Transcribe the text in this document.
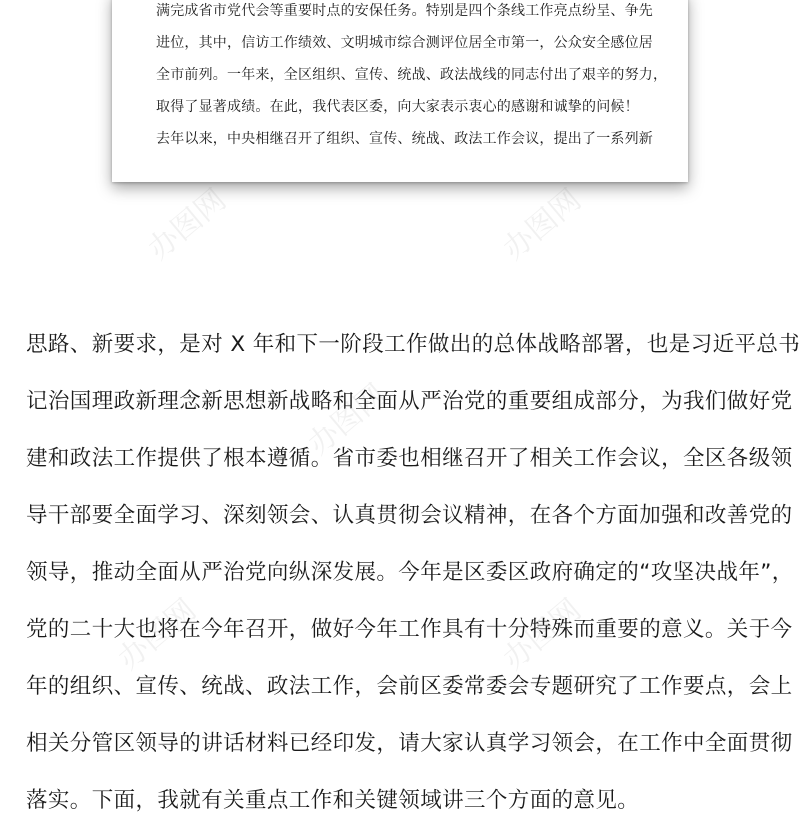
办图网	办图网
办图网
办图网	办图网
满完成省市党代会等重要时点的安保任务。特别是四个条线工作亮点纷呈、争先
进位，其中，信访工作绩效、文明城市综合测评位居全市第一，公众安全感位居
全市前列。一年来，全区组织、宣传、统战、政法战线的同志付出了艰辛的努力，
取得了显著成绩。在此，我代表区委，向大家表示衷心的感谢和诚挚的问候！
去年以来，中央相继召开了组织、宣传、统战、政法工作会议，提出了一系列新
思路、新要求，是对 X 年和下一阶段工作做出的总体战略部署，也是习近平总书
记治国理政新理念新思想新战略和全面从严治党的重要组成部分，为我们做好党
建和政法工作提供了根本遵循。省市委也相继召开了相关工作会议，全区各级领
导干部要全面学习、深刻领会、认真贯彻会议精神，在各个方面加强和改善党的
领导，推动全面从严治党向纵深发展。今年是区委区政府确定的“攻坚决战年”，
党的二十大也将在今年召开，做好今年工作具有十分特殊而重要的意义。关于今
年的组织、宣传、统战、政法工作，会前区委常委会专题研究了工作要点，会上
相关分管区领导的讲话材料已经印发，请大家认真学习领会，在工作中全面贯彻
落实。下面，我就有关重点工作和关键领域讲三个方面的意见。
